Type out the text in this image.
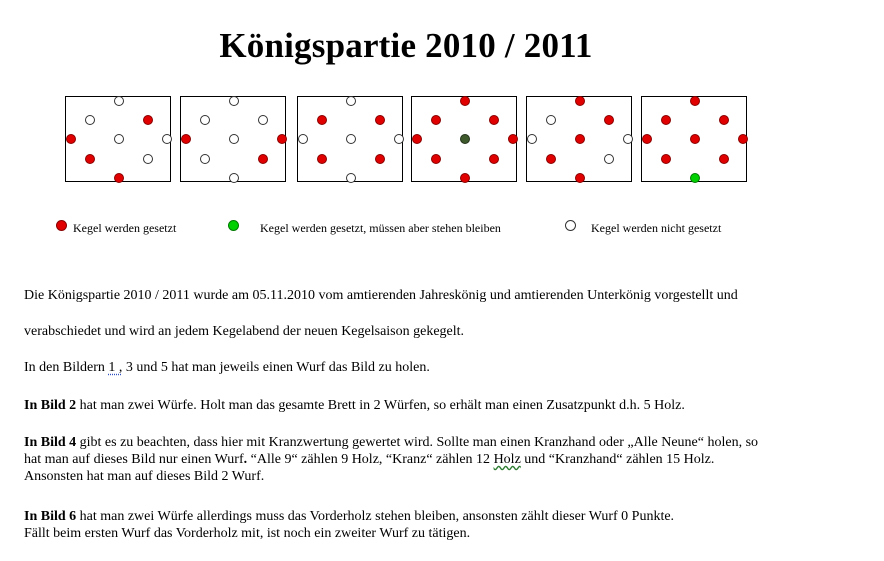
Königspartie 2010 / 2011
Kegel werden gesetzt	Kegel werden gesetzt, müssen aber stehen bleiben	Kegel werden nicht gesetzt
Die Königspartie 2010 / 2011 wurde am 05.11.2010 vom amtierenden Jahreskönig und amtierenden Unterkönig vorgestellt und
verabschiedet und wird an jedem Kegelabend der neuen Kegelsaison gekegelt.
In den Bildern 1 , 3 und 5 hat man jeweils einen Wurf das Bild zu holen.
In Bild 2 hat man zwei Würfe. Holt man das gesamte Brett in 2 Würfen, so erhält man einen Zusatzpunkt d.h. 5 Holz.
In Bild 4 gibt es zu beachten, dass hier mit Kranzwertung gewertet wird. Sollte man einen Kranzhand oder „Alle Neune“ holen, so
hat man auf dieses Bild nur einen Wurf. “Alle 9“ zählen 9 Holz, “Kranz“ zählen 12 Holz und “Kranzhand“ zählen 15 Holz.
Ansonsten hat man auf dieses Bild 2 Wurf.
In Bild 6 hat man zwei Würfe allerdings muss das Vorderholz stehen bleiben, ansonsten zählt dieser Wurf 0 Punkte.
Fällt beim ersten Wurf das Vorderholz mit, ist noch ein zweiter Wurf zu tätigen.
